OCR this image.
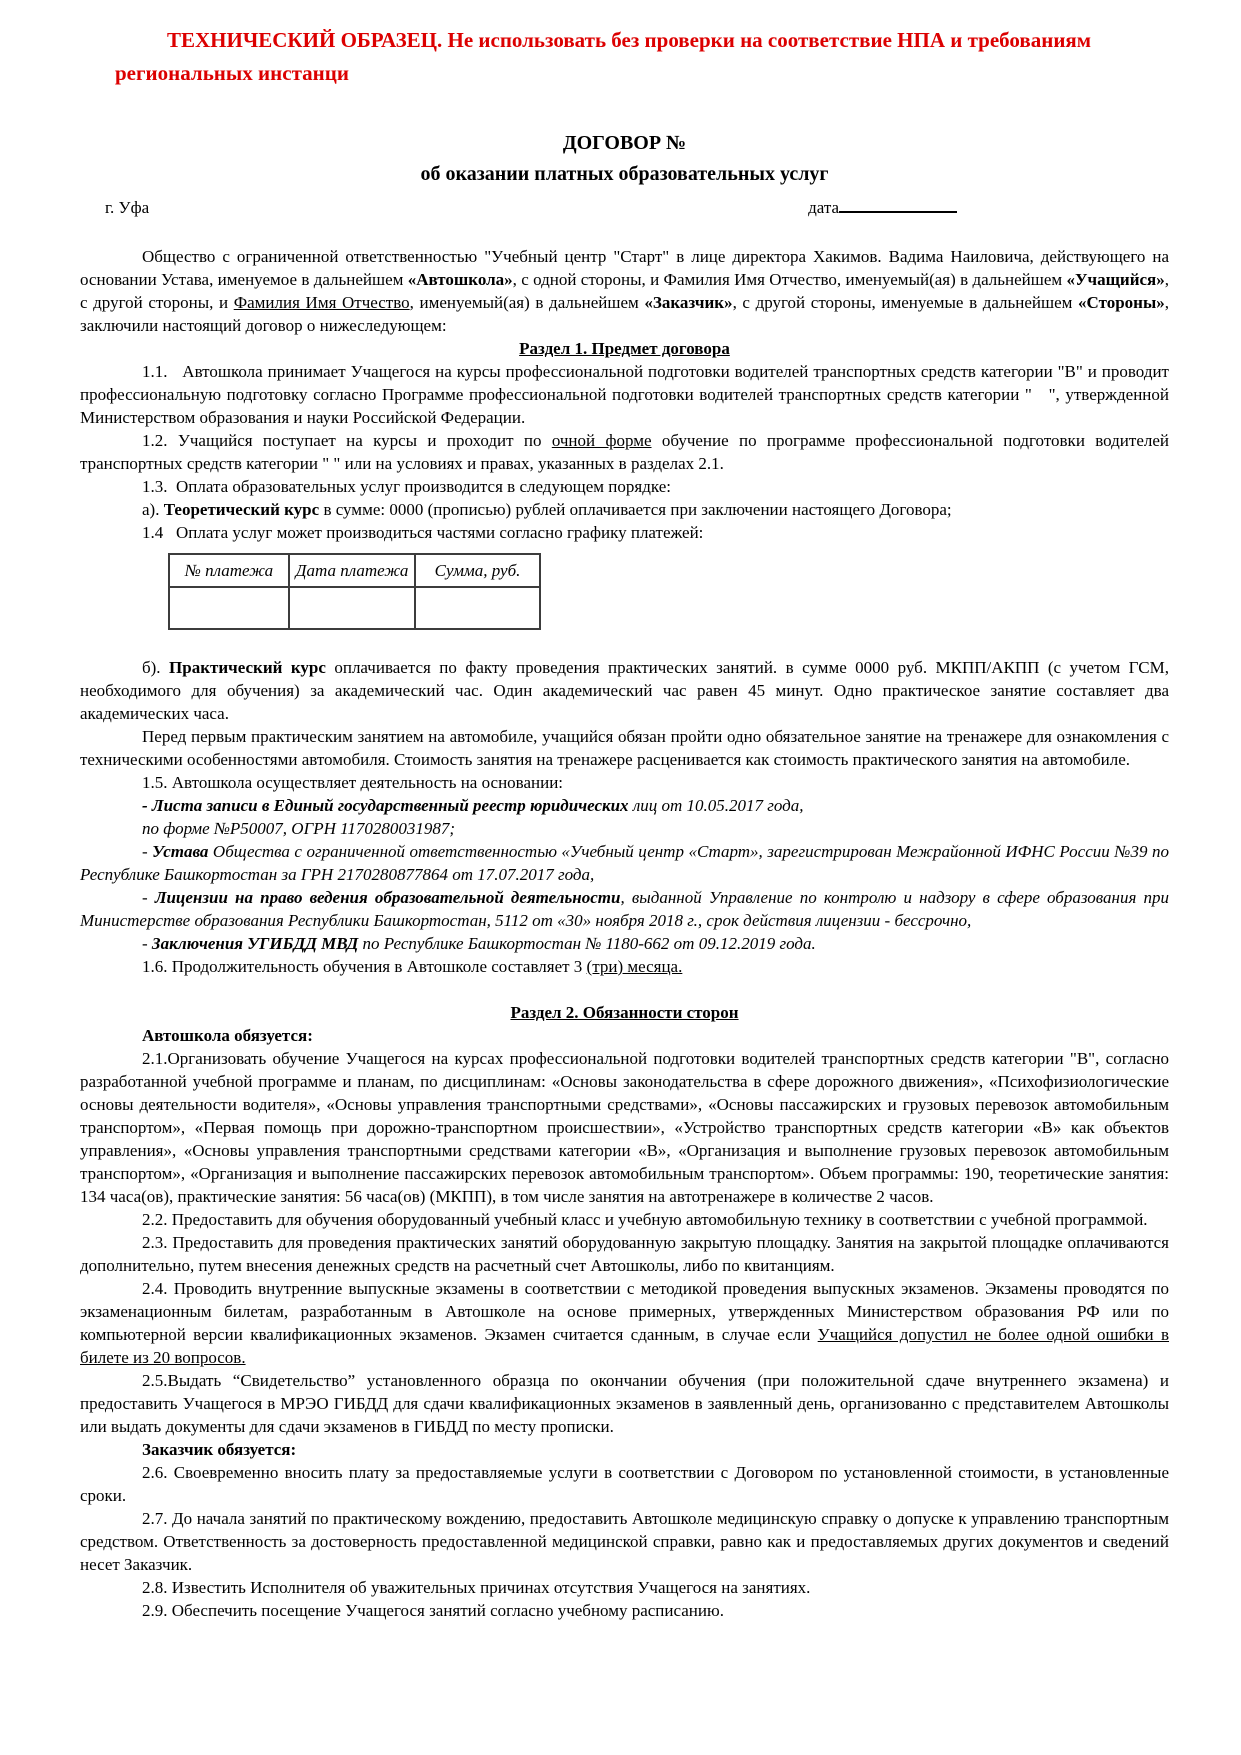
ТЕХНИЧЕСКИЙ ОБРАЗЕЦ. Не использовать без проверки на соответствие НПА и требованиям региональных инстанци

ДОГОВОР №
об оказании платных образовательных услуг
г. Уфа	дата

Общество с ограниченной ответственностью "Учебный центр "Старт" в лице директора Хакимов. Вадима Наиловича, действующего на основании Устава, именуемое в дальнейшем «Автошкола», с одной стороны, и Фамилия Имя Отчество, именуемый(ая) в дальнейшем «Учащийся», с другой стороны, и Фамилия Имя Отчество, именуемый(ая) в дальнейшем «Заказчик», с другой стороны, именуемые в дальнейшем «Стороны», заключили настоящий договор о нижеследующем:

Раздел 1. Предмет договора

1.1.   Автошкола принимает Учащегося на курсы профессиональной подготовки водителей транспортных средств категории "В" и проводит профессиональную подготовку согласно Программе профессиональной подготовки водителей транспортных средств категории "   ", утвержденной Министерством образования и науки Российской Федерации.

1.2. Учащийся поступает на курсы и проходит по очной форме обучение по программе профессиональной подготовки водителей транспортных средств категории " " или на условиях и правах, указанных в разделах 2.1.

1.3.  Оплата образовательных услуг производится в следующем порядке:

а). Теоретический курс в сумме: 0000 (прописью) рублей оплачивается при заключении настоящего Договора;

1.4   Оплата услуг может производиться частями согласно графику платежей:

№ платежа	Дата платежа	Сумма, руб.

б). Практический курс оплачивается по факту проведения практических занятий. в сумме 0000 руб. МКПП/АКПП (с учетом ГСМ, необходимого для обучения) за академический час. Один академический час равен 45 минут. Одно практическое занятие составляет два академических часа.

Перед первым практическим занятием на автомобиле, учащийся обязан пройти одно обязательное занятие на тренажере для ознакомления с техническими особенностями автомобиля. Стоимость занятия на тренажере расценивается как стоимость практического занятия на автомобиле.

1.5. Автошкола осуществляет деятельность на основании:

- Листа записи в Единый государственный реестр юридических лиц от 10.05.2017 года,

по форме №Р50007, ОГРН 1170280031987;

- Устава Общества с ограниченной ответственностью «Учебный центр «Старт», зарегистрирован Межрайонной ИФНС России №39 по Республике Башкортостан за ГРН 2170280877864 от 17.07.2017 года,

- Лицензии на право ведения образовательной деятельности, выданной Управление по контролю и надзору в сфере образования при Министерстве образования Республики Башкортостан, 5112 от «30» ноября 2018 г., срок действия лицензии - бессрочно,

- Заключения УГИБДД МВД по Республике Башкортостан № 1180-662 от 09.12.2019 года.

1.6. Продолжительность обучения в Автошколе составляет 3 (три) месяца.

Раздел 2. Обязанности сторон

Автошкола обязуется:

2.1.Организовать обучение Учащегося на курсах профессиональной подготовки водителей транспортных средств категории "В", согласно разработанной учебной программе и планам, по дисциплинам: «Основы законодательства в сфере дорожного движения», «Психофизиологические основы деятельности водителя», «Основы управления транспортными средствами», «Основы пассажирских и грузовых перевозок автомобильным транспортом», «Первая помощь при дорожно-транспортном происшествии», «Устройство транспортных средств категории «В» как объектов управления», «Основы управления транспортными средствами категории «В», «Организация и выполнение грузовых перевозок автомобильным транспортом», «Организация и выполнение пассажирских перевозок автомобильным транспортом». Объем программы: 190, теоретические занятия: 134 часа(ов), практические занятия: 56 часа(ов) (МКПП), в том числе занятия на автотренажере в количестве 2 часов.

2.2. Предоставить для обучения оборудованный учебный класс и учебную автомобильную технику в соответствии с учебной программой.

2.3. Предоставить для проведения практических занятий оборудованную закрытую площадку. Занятия на закрытой площадке оплачиваются дополнительно, путем внесения денежных средств на расчетный счет Автошколы, либо по квитанциям.

2.4. Проводить внутренние выпускные экзамены в соответствии с методикой проведения выпускных экзаменов. Экзамены проводятся по экзаменационным билетам, разработанным в Автошколе на основе примерных, утвержденных Министерством образования РФ или по компьютерной версии квалификационных экзаменов. Экзамен считается сданным, в случае если Учащийся допустил не более одной ошибки в билете из 20 вопросов.

2.5.Выдать “Свидетельство” установленного образца по окончании обучения (при положительной сдаче внутреннего экзамена) и предоставить Учащегося в МРЭО ГИБДД для сдачи квалификационных экзаменов в заявленный день, организованно с представителем Автошколы или выдать документы для сдачи экзаменов в ГИБДД по месту прописки.

Заказчик обязуется:

2.6. Своевременно вносить плату за предоставляемые услуги в соответствии с Договором по установленной стоимости, в установленные сроки.

2.7. До начала занятий по практическому вождению, предоставить Автошколе медицинскую справку о допуске к управлению транспортным средством. Ответственность за достоверность предоставленной медицинской справки, равно как и предоставляемых других документов и сведений несет Заказчик.

2.8. Известить Исполнителя об уважительных причинах отсутствия Учащегося на занятиях.

2.9. Обеспечить посещение Учащегося занятий согласно учебному расписанию.
